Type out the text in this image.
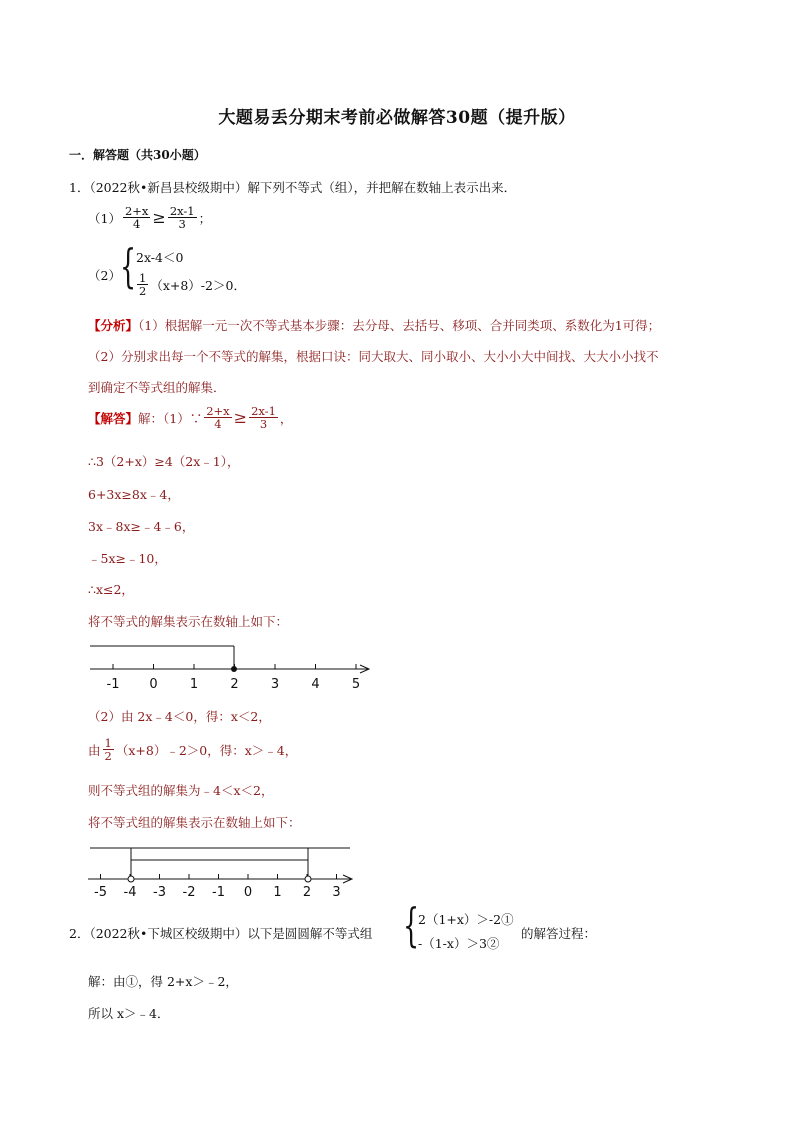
大题易丢分期末考前必做解答30题（提升版）
一．解答题（共30小题）
1．（2022秋•新昌县校级期中）解下列不等式（组），并把解在数轴上表示出来．
$(1) \frac{2+x}{4} \ge \frac{2x-1}{3}$ ；
（2） { 2x-4＜0
$\frac{1}{2} (x+8)-2>0$ ．
【分析】（1）根据解一元一次不等式基本步骤：去分母、去括号、移项、合并同类项、系数化为1可得；
（2）分别求出每一个不等式的解集，根据口诀：同大取大、同小取小、大小小大中间找、大大小小找不
到确定不等式组的解集．
【解答】 解：（1）∵ $\frac{2+x}{4} \ge \frac{2x-1}{3}$ ，
∴3（2+x）≥4（2x﹣1），
6+3x≥8x﹣4，
3x﹣8x≥﹣4﹣6，
﹣5x≥﹣10，
∴x≤2，
将不等式的解集表示在数轴上如下：
-1 0 1 2 3 4 5
（2）由 2x﹣4＜0，得：x＜2，
由 $\frac{1}{2}$ （x+8）﹣2＞0，得：x＞﹣4，
则不等式组的解集为﹣4＜x＜2，
将不等式组的解集表示在数轴上如下：
-5 -4 -3 -2 -1 0 1 2 3
2．（2022秋•下城区校级期中）以下是圆圆解不等式组 {
2（1+x）＞-2①
-（1-x）＞3②
的解答过程：
解：由①，得 2+x＞﹣2，
所以 x＞﹣4．
